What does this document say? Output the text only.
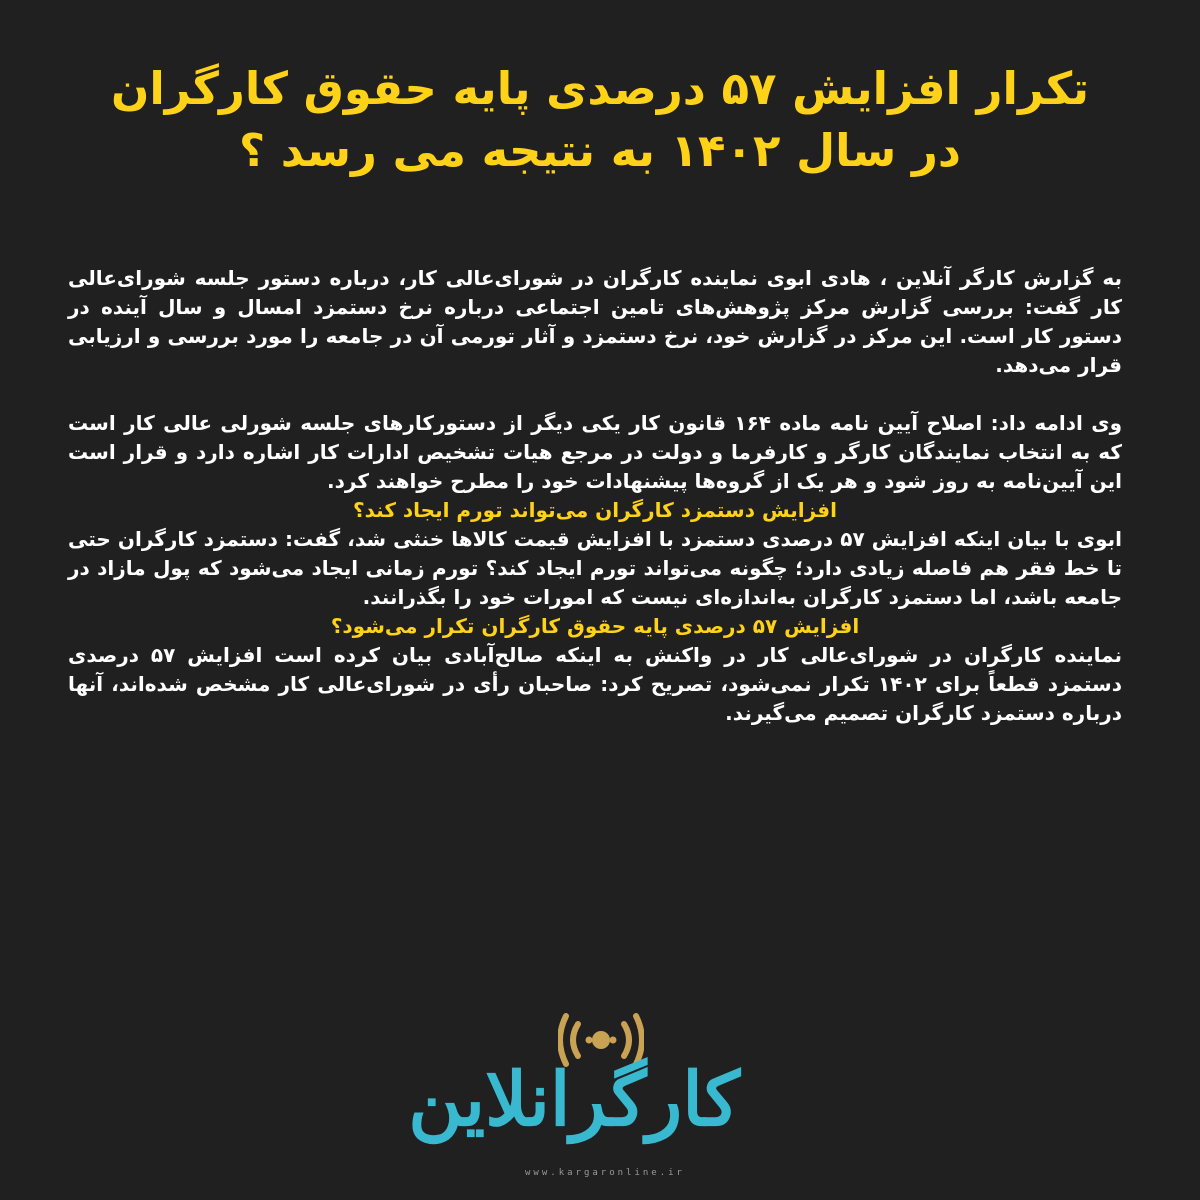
تکرار افزایش ۵۷ درصدی پایه حقوق کارگران
در سال ۱۴۰۲ به نتیجه می رسد ؟

به گزارش کارگر آنلاین ، هادی ابوی نماینده کارگران در شورای‌عالی کار، درباره دستور جلسه شورای‌عالی کار گفت: بررسی گزارش مرکز پژوهش‌های تامین اجتماعی درباره نرخ دستمزد امسال و سال آینده در دستور کار است. این مرکز در گزارش خود، نرخ دستمزد و آثار تورمی آن در جامعه را مورد بررسی و ارزیابی قرار می‌دهد.

وی ادامه داد: اصلاح آیین نامه ماده ۱۶۴ قانون کار یکی دیگر از دستورکارهای جلسه شورلی عالی کار است که به انتخاب نمایندگان کارگر و کارفرما و دولت در مرجع هیات تشخیص ادارات کار اشاره دارد و قرار است این آیین‌نامه به روز شود و هر یک از گروه‌ها پیشنهادات خود را مطرح خواهند کرد.

افزایش دستمزد کارگران می‌تواند تورم ایجاد کند؟

ابوی با بیان اینکه افزایش ۵۷ درصدی دستمزد با افزایش قیمت کالاها خنثی شد، گفت: دستمزد کارگران حتی تا خط فقر هم فاصله زیادی دارد؛ چگونه می‌تواند تورم ایجاد کند؟ تورم زمانی ایجاد می‌شود که پول مازاد در جامعه باشد، اما دستمزد کارگران به‌اندازه‌ای نیست که امورات خود را بگذرانند.

افزایش ۵۷ درصدی پایه حقوق کارگران تکرار می‌شود؟

نماینده کارگران در شورای‌عالی کار در واکنش به اینکه صالح‌آبادی بیان کرده است افزایش ۵۷ درصدی دستمزد قطعاً برای ۱۴۰۲ تکرار نمی‌شود، تصریح کرد: صاحبان رأی در شورای‌عالی کار مشخص شده‌اند، آنها درباره دستمزد کارگران تصمیم می‌گیرند.

کارگرانلاین
www.kargaronline.ir
